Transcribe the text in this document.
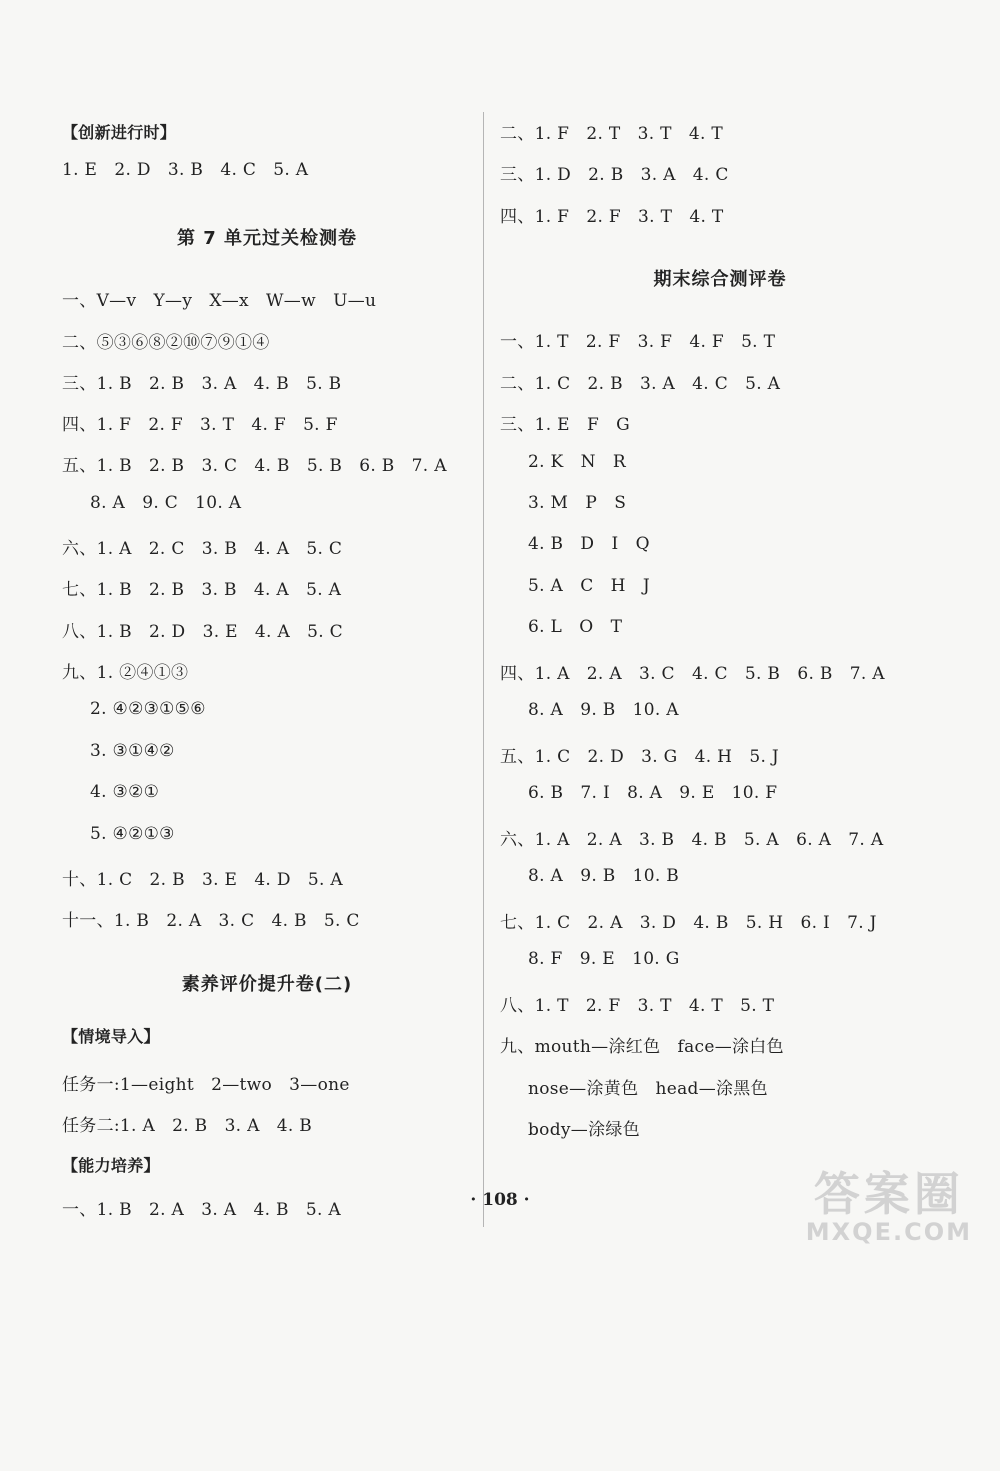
【创新进行时】
1. E   2. D   3. B   4. C   5. A
第 7 单元过关检测卷
一、V—v   Y—y   X—x   W—w   U—u
二、⑤③⑥⑧②⑩⑦⑨①④
三、1. B   2. B   3. A   4. B   5. B
四、1. F   2. F   3. T   4. F   5. F
五、1. B   2. B   3. C   4. B   5. B   6. B   7. A
8. A   9. C   10. A
六、1. A   2. C   3. B   4. A   5. C
七、1. B   2. B   3. B   4. A   5. A
八、1. B   2. D   3. E   4. A   5. C
九、1. ②④①③
2. ④②③①⑤⑥
3. ③①④②
4. ③②①
5. ④②①③
十、1. C   2. B   3. E   4. D   5. A
十一、1. B   2. A   3. C   4. B   5. C
素养评价提升卷(二)
【情境导入】
任务一:1—eight   2—two   3—one
任务二:1. A   2. B   3. A   4. B
【能力培养】
一、1. B   2. A   3. A   4. B   5. A
二、1. F   2. T   3. T   4. T
三、1. D   2. B   3. A   4. C
四、1. F   2. F   3. T   4. T
期末综合测评卷
一、1. T   2. F   3. F   4. F   5. T
二、1. C   2. B   3. A   4. C   5. A
三、1. E   F   G
2. K   N   R
3. M   P   S
4. B   D   I   Q
5. A   C   H   J
6. L   O   T
四、1. A   2. A   3. C   4. C   5. B   6. B   7. A
8. A   9. B   10. A
五、1. C   2. D   3. G   4. H   5. J
6. B   7. I   8. A   9. E   10. F
六、1. A   2. A   3. B   4. B   5. A   6. A   7. A
8. A   9. B   10. B
七、1. C   2. A   3. D   4. B   5. H   6. I   7. J
8. F   9. E   10. G
八、1. T   2. F   3. T   4. T   5. T
九、mouth—涂红色   face—涂白色
nose—涂黄色   head—涂黑色
body—涂绿色
· 108 ·	答案圈
MXQE.COM
